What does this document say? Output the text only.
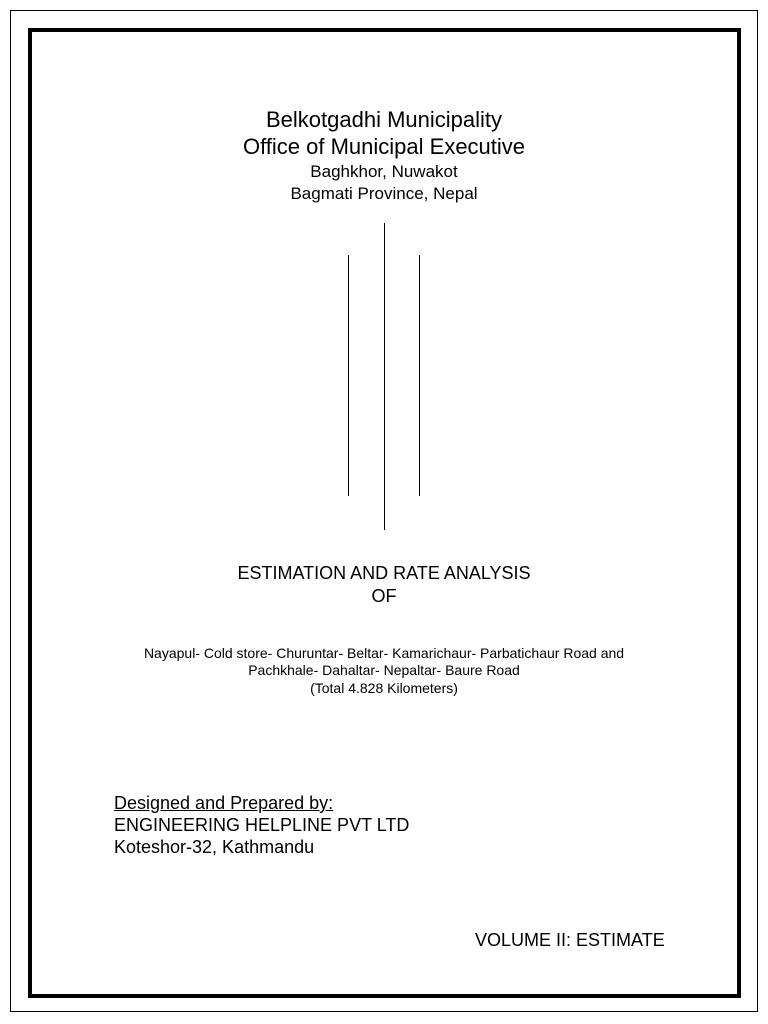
Belkotgadhi Municipality
Office of Municipal Executive
Baghkhor, Nuwakot
Bagmati Province, Nepal
ESTIMATION AND RATE ANALYSIS
OF
Nayapul- Cold store- Churuntar- Beltar- Kamarichaur- Parbatichaur Road and
Pachkhale- Dahaltar- Nepaltar- Baure Road
(Total 4.828 Kilometers)
Designed and Prepared by:
ENGINEERING HELPLINE PVT LTD
Koteshor-32, Kathmandu
VOLUME II: ESTIMATE
